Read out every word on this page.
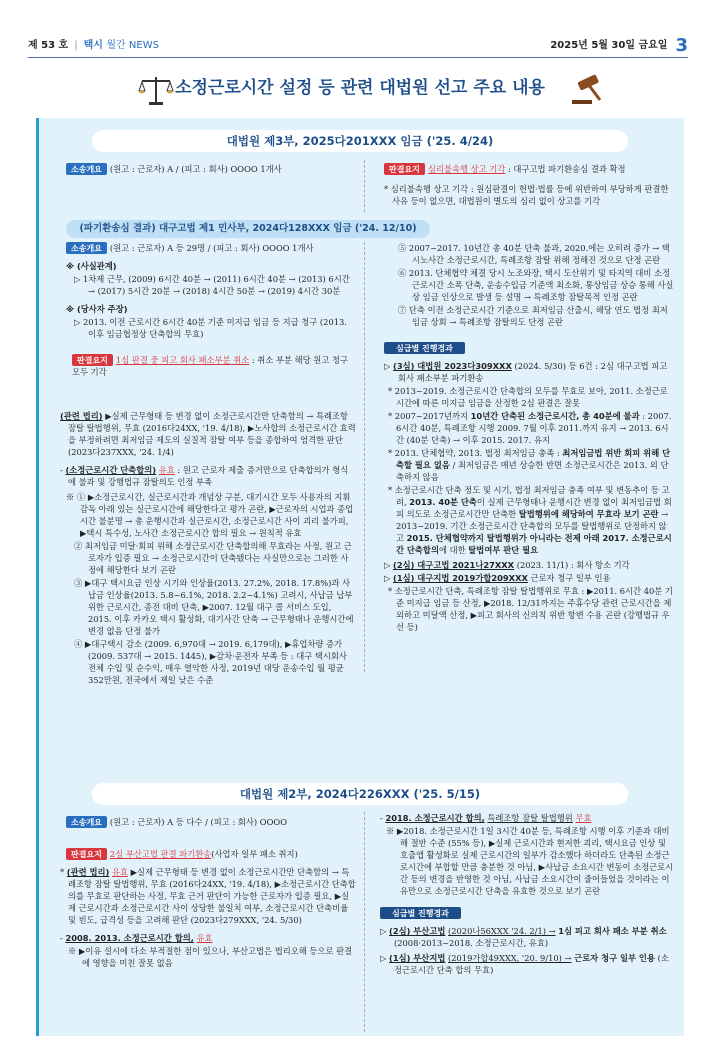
제 53 호 | 택시 월간 NEWS	2025년 5월 30일 금요일 3
소정근로시간 설정 등 관련 대법원 선고 주요 내용
대법원 제3부, 2025다201XXX 임금 ('25. 4/24)
소송개요 (원고 : 근로자) A / (피고 : 회사) OOOO 1개사	판결요지 심리불속행 상고 기각 : 대구고법 파기환송심 결과 확정

* 심리불속행 상고 기각 : 원심판결이 헌법·법률 등에 위반하여 부당하게 판결한 사유 등이 없으면, 대법원이 별도의 심리 없이 상고를 기각

(파기환송심 결과) 대구고법 제1 민사부, 2024다128XXX 임금 ('24. 12/10)

소송개요 (원고 : 근로자) A 등 29명 / (피고 : 회사) OOOO 1개사

※ (사실관계)

▷ 1차제 근무, (2009) 6시간 40분 → (2011) 6시간 40분 → (2013) 6시간 → (2017) 5시간 20분 → (2018) 4시간 50분 → (2019) 4시간 30분

※ (당사자 주장)

▷ 2013. 이전 근로시간 6시간 40분 기준 미지급 임금 등 지급 청구 (2013. 이후 임금협정상 단축합의 무효)

판결요지 1심 판결 중 피고 회사 패소부분 취소 : 취소 부분 해당 원고 청구 모두 기각

(관련 법리) ▶실제 근무형태 등 변경 없이 소정근로시간만 단축함의 → 특례조항 잠탈 탈법행위, 무효 (2016다24XX, '19. 4/18), ▶노사합의 소정근로시간 효력을 부정하려면 최저임금 제도의 실질적 잠탈 여부 등을 종합하여 엄격한 판단 (2023다237XXX, '24. 1/4)

- (소정근로시간 단축합의) 유효 : 원고 근로자 제출 증거만으로 단축합의가 형식에 불과 및 강행법규 잠탈의도 인정 부족

※ ① ▶소정근로시간, 실근로시간과 개념상 구분, 대기시간 모두 사용자의 지휘감독 아래 있는 실근로시간에 해당한다고 평가 곤란, ▶근로자의 시업과 종업시간 불분명 → 총 운행시간과 실근로시간, 소정근로시간 사이 괴리 불가피, ▶택시 특수성, 노사간 소정근로시간 합의 필요 → 원칙적 유효

② 최저임금 미달·회피 위해 소정근로시간 단축합의해 무효라는 사정, 원고 근로자가 입증 필요 → 소정근로시간이 단축됐다는 사실만으로는 그러한 사정에 해당한다 보기 곤란

③ ▶대구 택시요금 인상 시기와 인상율(2013. 27.2%, 2018. 17.8%)과 사납금 인상율(2013. 5.8~6.1%, 2018. 2.2~4.1%) 고려시, 사납금 납부 위한 근로시간, 종전 대비 단축, ▶2007. 12월 대구 콜 서비스 도입, 2015. 이후 카카오 택시 활성화, 대기사간 단축 → 근무형태나 운행시간에 변경 없음 단정 불가

④ ▶대구택시 감소 (2009. 6,970대 → 2019. 6,179대), ▶휴업차량 증가 (2009. 537대 → 2015. 1445), ▶감차·운전자 부족 등 : 대구 택시회사 전체 수입 및 순수익, 매우 열악한 사정, 2019년 대당 운송수입 월 평균 352만원, 전국에서 제일 낮은 수준

⑤ 2007~2017. 10년간 총 40분 단축 불과, 2020.에는 오히려 증가 → 택시노사간 소정근로시간, 특례조항 잠탈 위해 정해진 것으로 단정 곤란

⑥ 2013. 단체협약 체결 당시 노조와장, 택시 도산위기 및 타지역 대비 소정근로시간 소폭 단축, 운송수입금 기준액 최소화, 통상임금 상승 통해 사실상 임금 인상으로 발생 등 설명 → 특례조항 잠탈목적 인정 곤란

⑦ 단축 이전 소정근로시간 기준으로 최저임금 산출시, 해당 연도 법정 최저임금 상회 → 특례조항 잠탈의도 단정 곤란

심급별 진행경과

▷ (3심) 대법원 2023다309XXX (2024. 5/30) 등 6건 : 2심 대구고법 피고 회사 패소부분 파기환송

* 2013~2019. 소정근로시간 단축합의 모두를 무효로 보아, 2011. 소정근로시간에 따른 미지급 임금을 산정한 2심 판결은 잘못

* 2007~2017년까지 10년간 단축된 소정근로시간, 총 40분에 불과 : 2007. 6시간 40분, 특례조항 시행 2009. 7월 이후 2011.까지 유지 → 2013. 6시간 (40분 단축) → 이후 2015. 2017. 유지

* 2013. 단체협약, 2013. 법정 최저임금 충족 : 최저임금법 위반 회피 위해 단축할 필요 없음 / 최저임금은 매년 상승한 반면 소정근로시간은 2013. 외 단축하지 않음

* 소정근로시간 단축 정도 및 시기, 법정 최저임금 충족 여부 및 변동추이 등 고려, 2013. 40분 단축이 실제 근무형태나 운행시간 변경 없이 최저임금법 회피 의도로 소정근로시간만 단축한 탈법행위에 해당하여 무효라 보기 곤란 → 2013~2019. 기간 소정근로시간 단축합의 모두를 탈법행위로 단정하지 않고 2015. 단체협약까지 탈법행위가 아니라는 전제 아래 2017. 소정근로시간 단축합의에 대한 탈법여부 판단 필요

▷ (2심) 대구고법 2021나27XXX (2023. 11/1) : 회사 항소 기각

▷ (1심) 대구지법 2019가합209XXX 근로자 청구 일부 인용

* 소정근로시간 단축, 특례조항 잠탈 탈법행위로 무효 : ▶2011. 6시간 40분 기준 미지급 임금 등 산정, ▶2018. 12/31까지는 주휴수당 관련 근로시간을 제외하고 미달액 산정, ▶피고 회사의 신의칙 위반 항변 수용 곤란 (강행법규 우선 등)

대법원 제2부, 2024다226XXX ('25. 5/15)

소송개요 (원고 : 근로자) A 등 다수 / (피고 : 회사) OOOO

판결요지 2심 부산고법 판결 파기환송(사업자 일부 패소 취지)

* (관련 법리) 유효 ▶실제 근무형태 등 변경 없이 소정근로시간만 단축함의 → 특례조항 잠탈 탈법행위, 무효 (2016다24XX, '19. 4/18), ▶소정근로시간 단축합의를 무효로 판단하는 사정, 무효 근거 판단이 가능한 근로자가 입증 필요, ▶실제 근로시간과 소정근로시간 사이 상당한 불일치 여부, 소정근로시간 단축비율 및 빈도, 급격성 등을 고려해 판단 (2023다279XXX, '24. 5/30)

- 2008. 2013. 소정근로시간 합의, 유효

※ ▶이유 설시에 다소 부적절한 점이 있으나, 부산고법은 법리오해 등으로 판결에 영향을 미친 잘못 없음

- 2018. 소정근로시간 합의, 특례조항 잠탈 탈법행위 무효

※ ▶2018. 소정근로시간 1일 3시간 40분 등, 특례조항 시행 이후 기준과 대비해 절반 수준 (55% 등), ▶실제 근로시간과 현저한 괴리, 택시요금 인상 및 호출앱 활성화로 실제 근로시간의 일부가 감소했다 하더라도 단축된 소정근로시간에 부합할 만큼 충분한 것 아님, ▶사납금 소요시간 변동이 소정근로시간 등의 변경을 반영한 것 아님, 사납금 소요시간이 줄어들었을 것이라는 이유만으로 소정근로시간 단축을 유효한 것으로 보기 곤란

심급별 진행경과

▷ (2심) 부산고법 (2020나56XXX '24. 2/1) → 1심 피고 회사 패소 부분 취소 (2008·2013~2018. 소정근로시간, 유효)

▷ (1심) 부산지법 (2019가합49XXX, '20. 9/10) → 근로자 청구 일부 인용 (소정근로시간 단축 합의 무효)
